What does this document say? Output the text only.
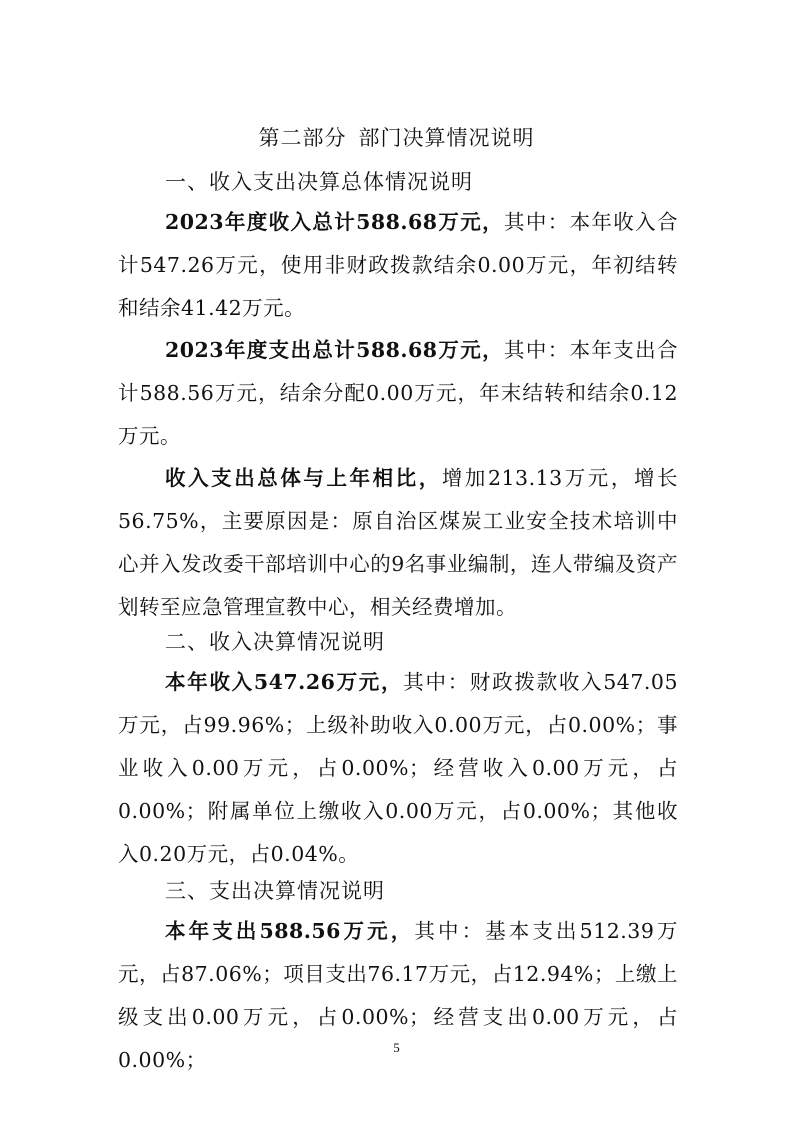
第二部分 部门决算情况说明
一、收入支出决算总体情况说明

2023年度收入总计588.68万元，其中：本年收入合计547.26万元，使用非财政拨款结余0.00万元，年初结转和结余41.42万元。

2023年度支出总计588.68万元，其中：本年支出合计588.56万元，结余分配0.00万元，年末结转和结余0.12万元。

收入支出总体与上年相比，增加213.13万元，增长56.75%，主要原因是：原自治区煤炭工业安全技术培训中心并入发改委干部培训中心的9名事业编制，连人带编及资产划转至应急管理宣教中心，相关经费增加。

二、收入决算情况说明

本年收入547.26万元，其中：财政拨款收入547.05万元，占99.96%；上级补助收入0.00万元，占0.00%；事业收入0.00万元，占0.00%；经营收入0.00万元，占0.00%；附属单位上缴收入0.00万元，占0.00%；其他收入0.20万元，占0.04%。

三、支出决算情况说明

本年支出588.56万元，其中：基本支出512.39万元，占87.06%；项目支出76.17万元，占12.94%；上缴上级支出0.00万元，占0.00%；经营支出0.00万元，占0.00%；

5
